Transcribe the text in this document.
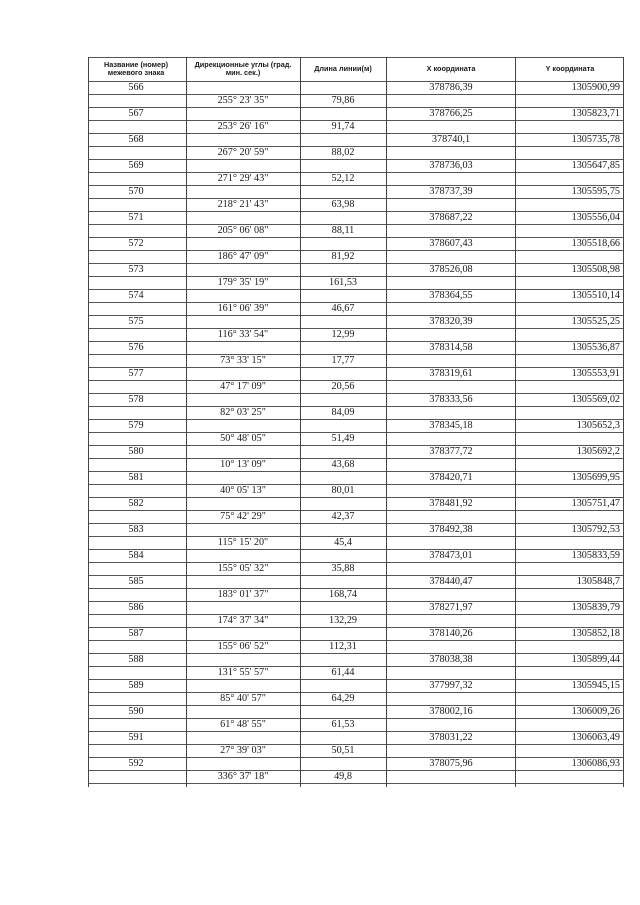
Название (номер) межевого знака
Дирекционные углы (град. мин. сек.)	Длина линии(м)	X координата	Y координата
566	378786,39	1305900,99
255° 23' 35"	79,86
567	378766,25	1305823,71
253° 26' 16"	91,74
568	378740,1	1305735,78
267° 20' 59"	88,02
569	378736,03	1305647,85
271° 29' 43"	52,12
570	378737,39	1305595,75
218° 21' 43"	63,98
571	378687,22	1305556,04
205° 06' 08"	88,11
572	378607,43	1305518,66
186° 47' 09"	81,92
573	378526,08	1305508,98
179° 35' 19"	161,53
574	378364,55	1305510,14
161° 06' 39"	46,67
575	378320,39	1305525,25
116° 33' 54"	12,99
576	378314,58	1305536,87
73° 33' 15"	17,77
577	378319,61	1305553,91
47° 17' 09"	20,56
578	378333,56	1305569,02
82° 03' 25"	84,09
579	378345,18	1305652,3
50° 48' 05"	51,49
580	378377,72	1305692,2
10° 13' 09"	43,68
581	378420,71	1305699,95
40° 05' 13"	80,01
582	378481,92	1305751,47
75° 42' 29"	42,37
583	378492,38	1305792,53
115° 15' 20"	45,4
584	378473,01	1305833,59
155° 05' 32"	35,88
585	378440,47	1305848,7
183° 01' 37"	168,74
586	378271,97	1305839,79
174° 37' 34"	132,29
587	378140,26	1305852,18
155° 06' 52"	112,31
588	378038,38	1305899,44
131° 55' 57"	61,44
589	377997,32	1305945,15
85° 40' 57"	64,29
590	378002,16	1306009,26
61° 48' 55"	61,53
591	378031,22	1306063,49
27° 39' 03"	50,51
592	378075,96	1306086,93
336° 37' 18"	49,8
